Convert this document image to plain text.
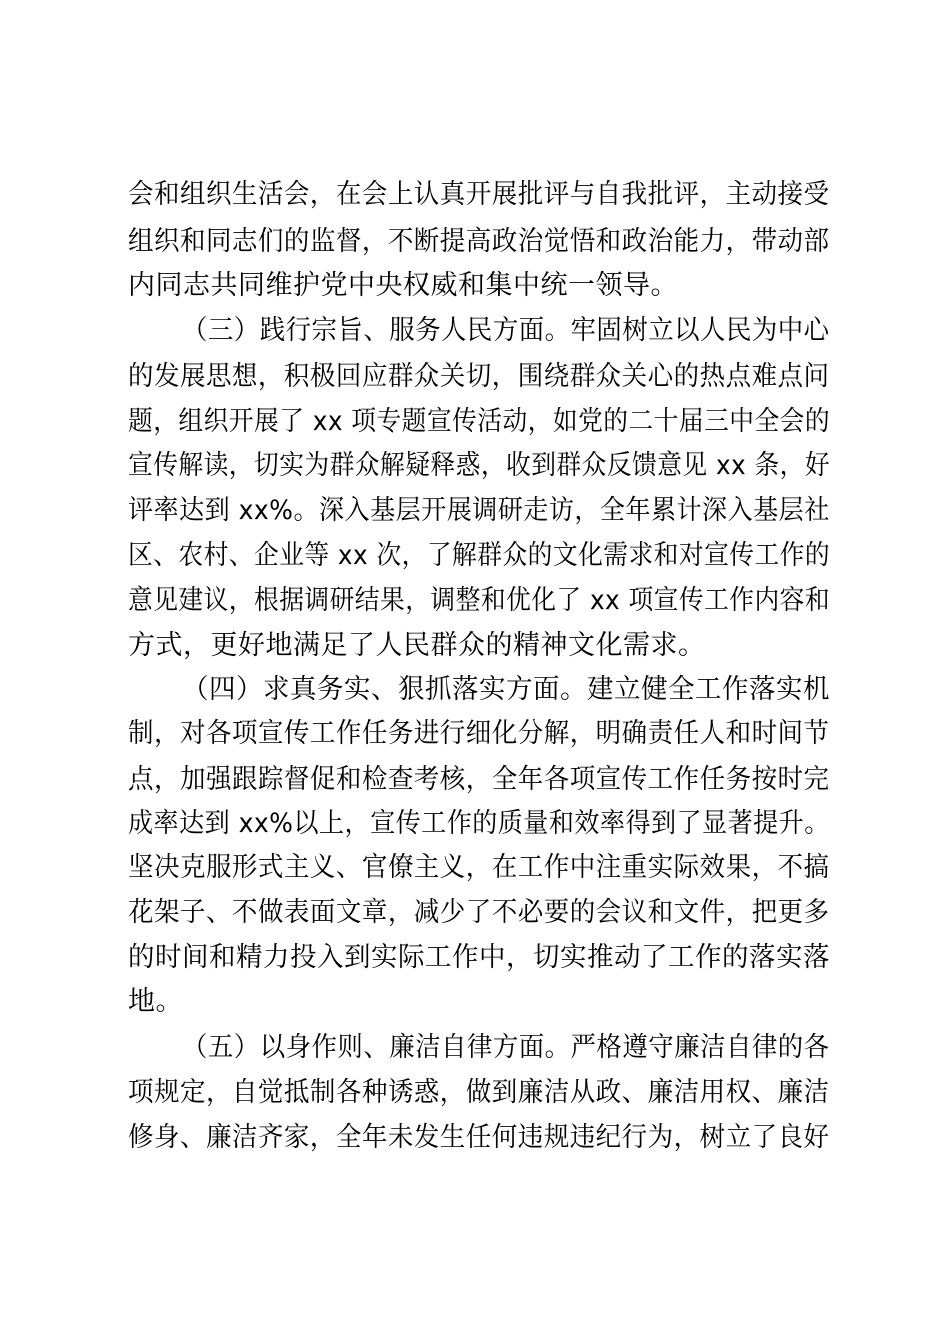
会和组织生活会，在会上认真开展批评与自我批评，主动接受
组织和同志们的监督，不断提高政治觉悟和政治能力，带动部
内同志共同维护党中央权威和集中统一领导。
（三）践行宗旨、服务人民方面。牢固树立以人民为中心
的发展思想，积极回应群众关切，围绕群众关心的热点难点问
题，组织开展了 xx 项专题宣传活动，如党的二十届三中全会的
宣传解读，切实为群众解疑释惑，收到群众反馈意见 xx 条，好
评率达到 xx%。深入基层开展调研走访，全年累计深入基层社
区、农村、企业等 xx 次，了解群众的文化需求和对宣传工作的
意见建议，根据调研结果，调整和优化了 xx 项宣传工作内容和
方式，更好地满足了人民群众的精神文化需求。
（四）求真务实、狠抓落实方面。建立健全工作落实机
制，对各项宣传工作任务进行细化分解，明确责任人和时间节
点，加强跟踪督促和检查考核，全年各项宣传工作任务按时完
成率达到 xx%以上，宣传工作的质量和效率得到了显著提升。
坚决克服形式主义、官僚主义，在工作中注重实际效果，不搞
花架子、不做表面文章，减少了不必要的会议和文件，把更多
的时间和精力投入到实际工作中，切实推动了工作的落实落
地。
（五）以身作则、廉洁自律方面。严格遵守廉洁自律的各
项规定，自觉抵制各种诱惑，做到廉洁从政、廉洁用权、廉洁
修身、廉洁齐家，全年未发生任何违规违纪行为，树立了良好
